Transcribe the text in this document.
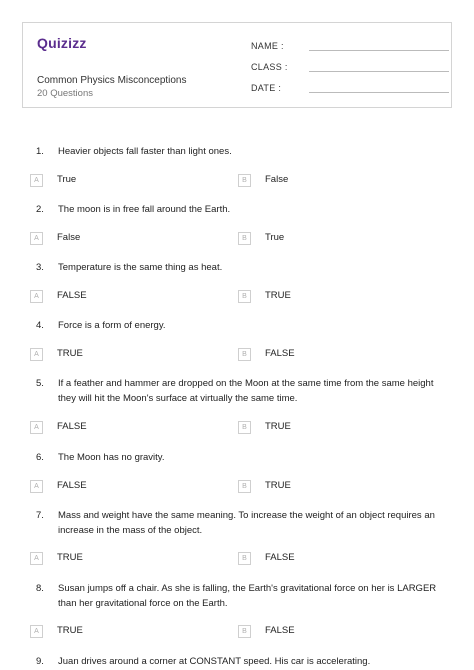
Quizizz
Common Physics Misconceptions
20 Questions
NAME :
CLASS :
DATE :
1.	Heavier objects fall faster than light ones.
A	True	B	False
2.	The moon is in free fall around the Earth.
A	False	B	True
3.	Temperature is the same thing as heat.
A	FALSE	B	TRUE
4.	Force is a form of energy.
A	TRUE	B	FALSE
5.	If a feather and hammer are dropped on the Moon at the same time from the same height they will hit the Moon's surface at virtually the same time.
A	FALSE	B	TRUE
6.	The Moon has no gravity.
A	FALSE	B	TRUE
7.	Mass and weight have the same meaning. To increase the weight of an object requires an increase in the mass of the object.
A	TRUE	B	FALSE
8.	Susan jumps off a chair. As she is falling, the Earth's gravitational force on her is LARGER than her gravitational force on the Earth.
A	TRUE	B	FALSE
9.	Juan drives around a corner at CONSTANT speed. His car is accelerating.
